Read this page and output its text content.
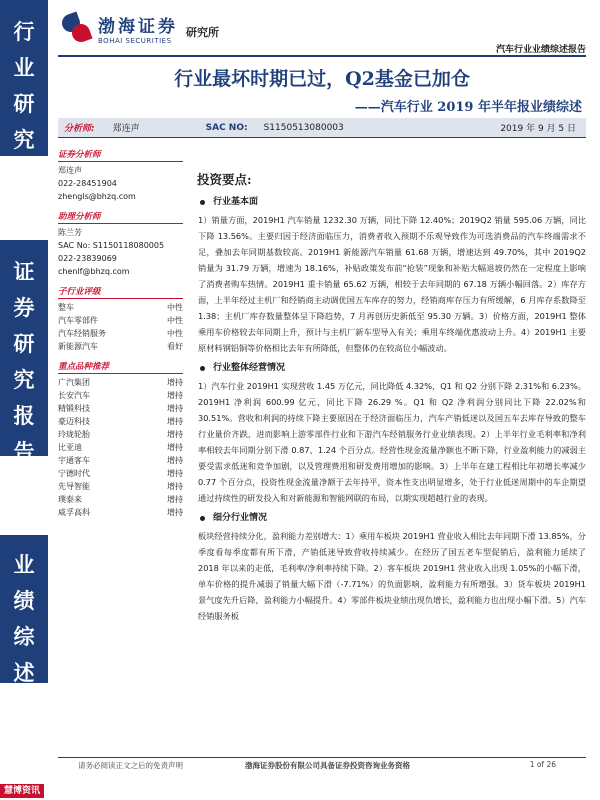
行
业
研
究
证
券
研
究
报
告
业
绩
综
述
渤海证券
BOHAI SECURITIES
研究所
汽车行业业绩综述报告
行业最坏时期已过，Q2基金已加仓
——汽车行业 2019 年半年报业绩综述
分析师: 郑连声	SAC NO: S1150513080003	2019 年 9 月 5 日
证券分析师
郑连声
022-28451904
zhengls@bhzq.com
助理分析师
陈兰芳
SAC No: S1150118080005
022-23839069
chenlf@bhzq.com
子行业评级
整车	中性
汽车零部件	中性
汽车经销服务	中性
新能源汽车	看好
重点品种推荐
广汽集团	增持
长安汽车	增持
精锻科技	增持
豪迈科技	增持
玲珑轮胎	增持
比亚迪	增持
宇通客车	增持
宁德时代	增持
先导智能	增持
璞泰来	增持
威孚高科	增持
投资要点:
行业基本面
1）销量方面，2019H1 汽车销量 1232.30 万辆，同比下降 12.40%；2019Q2 销量 595.06 万辆，同比下降 13.56%。主要归因于经济面临压力，消费者收入预期不乐观导致作为可选消费品的汽车终端需求不足，叠加去年同期基数较高。2019H1 新能源汽车销量 61.68 万辆，增速达到 49.70%，其中 2019Q2 销量为 31.79 万辆，增速为 18.16%，补贴政策发布前“抢装”现象和补贴大幅退坡仍然在一定程度上影响了消费者购车热情。2019H1 重卡销量 65.62 万辆，相较于去年同期的 67.18 万辆小幅回落。2）库存方面，上半年经过主机厂和经销商主动调优国五车库存的努力，经销商库存压力有所缓解，6 月库存系数降至 1.38；主机厂库存数量整体呈下降趋势，7 月再创历史新低至 95.30 万辆。3）价格方面，2019H1 整体乘用车价格较去年同期上升，预计与主机厂新车型导入有关；乘用车终端优惠波动上升。4）2019H1 主要原材料钢铝铜等价格相比去年有所降低，但整体仍在较高位小幅波动。
行业整体经营情况
1）汽车行业 2019H1 实现营收 1.45 万亿元，同比降低 4.32%，Q1 和 Q2 分别下降 2.31%和 6.23%。2019H1 净利润 600.99 亿元，同比下降 26.29 %。Q1 和 Q2 净利润分别同比下降 22.02%和 30.51%。营收和利润的持续下降主要原因在于经济面临压力，汽车产销低迷以及国五车去库存导致的整车行业量价齐跌，进而影响上游零部件行业和下游汽车经销服务行业业绩表现。2）上半年行业毛利率和净利率相较去年同期分别下滑 0.87、1.24 个百分点。经营性现金流量净额也不断下降，行业盈利能力的减弱主要受需求低迷和竞争加剧，以及管理费用和研发费用增加的影响。3）上半年在建工程相比年初增长率减少 0.77 个百分点，投资性现金流量净额于去年持平，资本性支出明显增多，处于行业低迷周期中的车企期望通过持续性的研发投入和对新能源和智能网联的布局，以期实现超越行业的表现。
细分行业情况
板块经营持续分化，盈利能力差别增大：1）乘用车板块 2019H1 营业收入相比去年同期下滑 13.85%，分季度看每季度都有所下滑，产销低迷导致营收持续减少。在经历了国五老车型促销后，盈利能力延续了 2018 年以来的走低，毛利率/净利率持续下降。2）客车板块 2019H1 营业收入出现 1.05%的小幅下滑，单车价格的提升减弱了销量大幅下滑（-7.71%）的负面影响，盈利能力有所增强。3）货车板块 2019H1 景气度先升后降，盈利能力小幅提升。4）零部件板块业绩出现负增长，盈利能力也出现小幅下滑。5）汽车经销服务板
请务必阅读正文之后的免责声明	渤海证券股份有限公司具备证券投资咨询业务资格	1 of 26
慧博资讯
